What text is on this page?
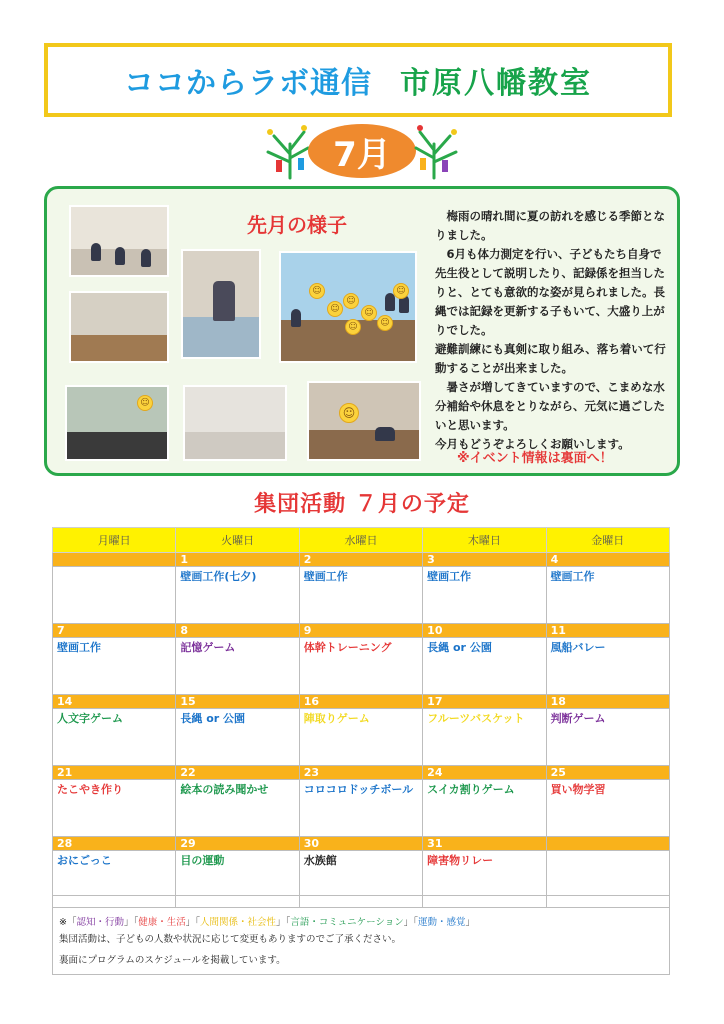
ココからラボ通信 市原八幡教室
7月
☺
☺
☺
☺
☺	☺
☺
☺
☺
先月の様子	　梅雨の晴れ間に夏の訪れを感じる季節となりました。

　6月も体力測定を行い、子どもたち自身で先生役として説明したり、記録係を担当したりと、とても意欲的な姿が見られました。長縄では記録を更新する子もいて、大盛り上がりでした。

避難訓練にも真剣に取り組み、落ち着いて行動することが出来ました。

　暑さが増してきていますので、こまめな水分補給や休息をとりながら、元気に過ごしたいと思います。

今月もどうぞよろしくお願いします。

※イベント情報は裏面へ！
集団活動 ７月の予定
月曜日	火曜日	水曜日	木曜日	金曜日
	1	2	3	4

	壁画工作(七夕)	壁画工作	壁画工作	壁画工作

7	8	9	10	11

壁画工作	記憶ゲーム	体幹トレーニング	長縄 or 公園	風船バレー

14	15	16	17	18

人文字ゲーム	長縄 or 公園	陣取りゲーム	フルーツバスケット	判断ゲーム

21	22	23	24	25

たこやき作り	絵本の読み聞かせ	コロコロドッチボール	スイカ割りゲーム	買い物学習

28	29	30	31	

おにごっこ	目の運動	水族館	障害物リレー	

※「認知・行動」「健康・生活」「人間関係・社会性」「言語・コミュニケーション」「運動・感覚」
集団活動は、子どもの人数や状況に応じて変更もありますのでご了承ください。
裏面にプログラムのスケジュールを掲載しています。
